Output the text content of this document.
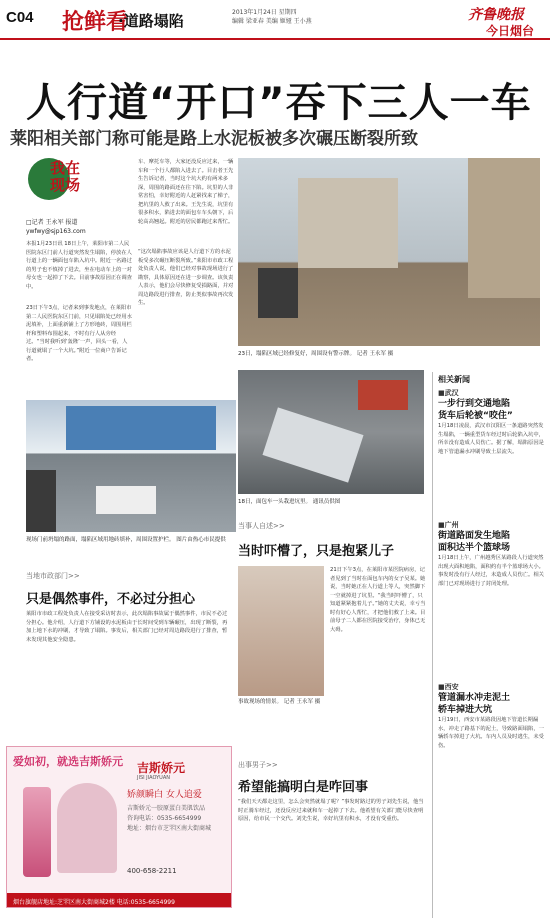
C04 抢鲜看
·道路塌陷	2013年1月24日 星期四
编辑 梁亚春 美编 姬娅 王小燕	齐鲁晚报
今日烟台
人行道“开口”吞下三人一车
莱阳相关部门称可能是路上水泥板被多次碾压断裂所致
我在
现场
□记者 王永军 报道
ywfwy@sjp163.com
本报1月23日讯 18日上午，莱阳市第二人民医院东区门前人行道突然发生塌陷，停放在人行道上的一辆面包车陷入坑中。附近一名路过的男子也不慎掉了进去，坐在电动车上的一对母女也一起掉了下去。目前事故原因正在调查中。
23日下午3点，记者来到事发地点，在莱阳市第二人民医院东区门前，只见塌陷处已经用水泥填补，上面重新铺上了方形地砖，周围用栏杆和塑料布围起来，不时有行人从旁经过。“当时我听到‘轰隆’一声，回头一看，人行道就塌了一个大坑。”附近一位商户告诉记者。
车、摩托车等，大家还没反应过来，一辆车和一个行人都陷入进去了。目击者王先生告诉记者，当时这个坑大约有两米多深，周围的路面还在往下陷。坑里的人非常害怕，幸好附近的人赶紧找来了梯子，把坑里的人救了出来。王先生说，坑里有很多积水，陷进去的面包车车头朝下，后轮高高翘起。附近的居民都跑过来帮忙。
“这次塌陷事故应该是人行道下方的水泥板受多次碾压断裂所致。”莱阳市市政工程处负责人说，他们已经对事故现场进行了勘察，具体原因还在进一步调查。该负责人表示，他们会尽快修复受损路面，并对周边路段进行排查，防止类似事故再次发生。
23日，塌陷区域已经修复好，周围设有警示牌。 记者 王永军 摄
现场门前坍塌的路面，塌陷区域用地砖填补，周围设置护栏。 图片由热心市民提供
18日，面包车一头栽进坑里。 通讯员供图
当事人自述>>
当时吓懵了，只是抱紧儿子
21日下午3点，在莱阳市某医院病房，记者见到了当时在面包车内的女子吴某。她说，当时她正在人行道上等人，突然脚下一空就掉进了坑里。“我当时吓懵了，只知道紧紧抱着儿子。”她的丈夫说，幸亏当时有好心人帮忙，才把他们救了上来。目前母子二人都在医院接受治疗，身体已无大碍。
事故现场的情景。 记者 王永军 摄
当地市政部门>>
只是偶然事件，不必过分担心
莱阳市市政工程处负责人在接受采访时表示，此次塌陷事故属于偶然事件，市民不必过分担心。他介绍，人行道下方铺设的水泥板由于长时间受到车辆碾压，出现了断裂，再加上地下水的冲刷，才导致了塌陷。事发后，相关部门已经对周边路段进行了排查，暂未发现其他安全隐患。
出事男子>>
希望能搞明白是咋回事
“我们天天都走这里，怎么会突然就塌了呢？”事发时路过的男子刘先生说，他当时正骑车经过，还没反应过来就和车一起掉了下去。他希望有关部门能尽快查明原因，给市民一个交代。刘先生说，幸好坑里有积水，才没有受重伤。
相关新闻
■武汉
一步行到交通地陷
货车后轮被“咬住”
1月18日凌晨，武汉市汉阳区一条道路突然发生塌陷，一辆重型货车经过时后轮陷入坑中，所幸没有造成人员伤亡。据了解，塌陷原因是地下管道漏水冲刷导致土层流失。
■广州
街道路面发生地陷
面积达半个篮球场
1月18日上午，广州越秀区某路段人行道突然出现大面积地陷，面积约有半个篮球场大小。事发时没有行人经过，未造成人员伤亡。相关部门已对现场进行了封闭处理。
■西安
管道漏水冲走泥土
轿车掉进大坑
1月19日，西安市某路段因地下管道长期漏水，冲走了路基下的泥土，导致路面塌陷，一辆轿车掉进了大坑。车内人员及时逃生，未受伤。
爱如初，就选吉斯娇元 吉斯娇元
JISI JIAOYUAN
娇颜瞬白 女人追爱
吉斯娇元一胶原蛋白美肌饮品
咨询电话：0535-6654999
地址：烟台市芝罘区南大街商城
400-658-2211
烟台旗舰店地址:芝罘区南大街商城2楼 电话:0535-6654999
